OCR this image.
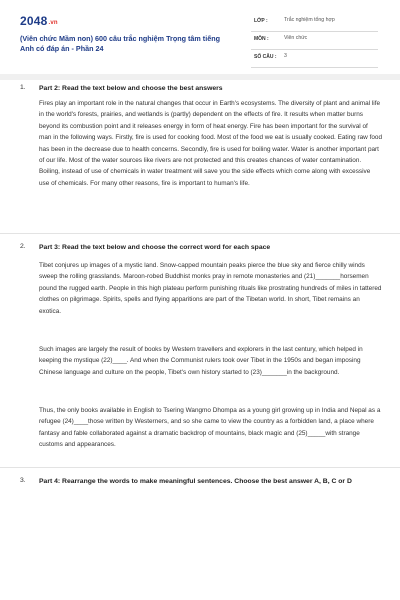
2048.vn
(Viên chức Mầm non) 600 câu trắc nghiệm Trọng tâm tiếng Anh có đáp án - Phần 24
LỚP :	Trắc nghiệm tổng hợp
MÔN :	Viên chức
SỐ CÂU : 3
1. Part 2: Read the text below and choose the best answers

Fires play an important role in the natural changes that occur in Earth's ecosystems. The diversity of plant and animal life in the world's forests, prairies, and wetlands is (partly) dependent on the effects of fire. It results when matter burns beyond its combustion point and it releases energy in form of heat energy. Fire has been important for the survival of man in the following ways. Firstly, fire is used for cooking food. Most of the food we eat is usually cooked. Eating raw food has been in the decrease due to health concerns. Secondly, fire is used for boiling water. Water is another important part of our life. Most of the water sources like rivers are not protected and this creates chances of water contamination. Boiling, instead of use of chemicals in water treatment will save you the side effects which come along with excessive use of chemicals. For many other reasons, fire is important to human's life.

2. Part 3: Read the text below and choose the correct word for each space

Tibet conjures up images of a mystic land. Snow-capped mountain peaks pierce the blue sky and fierce chilly winds sweep the rolling grasslands. Maroon-robed Buddhist monks pray in remote monasteries and (21)_______horsemen pound the rugged earth. People in this high plateau perform punishing rituals like prostrating hundreds of miles in tattered clothes on pilgrimage. Spirits, spells and flying apparitions are part of the Tibetan world. In short, Tibet remains an exotica.

Such images are largely the result of books by Western travellers and explorers in the last century, which helped in keeping the mystique (22)____. And when the Communist rulers took over Tibet in the 1950s and began imposing Chinese language and culture on the people, Tibet's own history started to (23)_______in the background.

Thus, the only books available in English to Tsering Wangmo Dhompa as a young girl growing up in India and Nepal as a refugee (24)____those written by Westerners, and so she came to view the country as a forbidden land, a place where fantasy and fable collaborated against a dramatic backdrop of mountains, black magic and (25)_____with strange customs and appearances.

3. Part 4: Rearrange the words to make meaningful sentences. Choose the best answer A, B, C or D
